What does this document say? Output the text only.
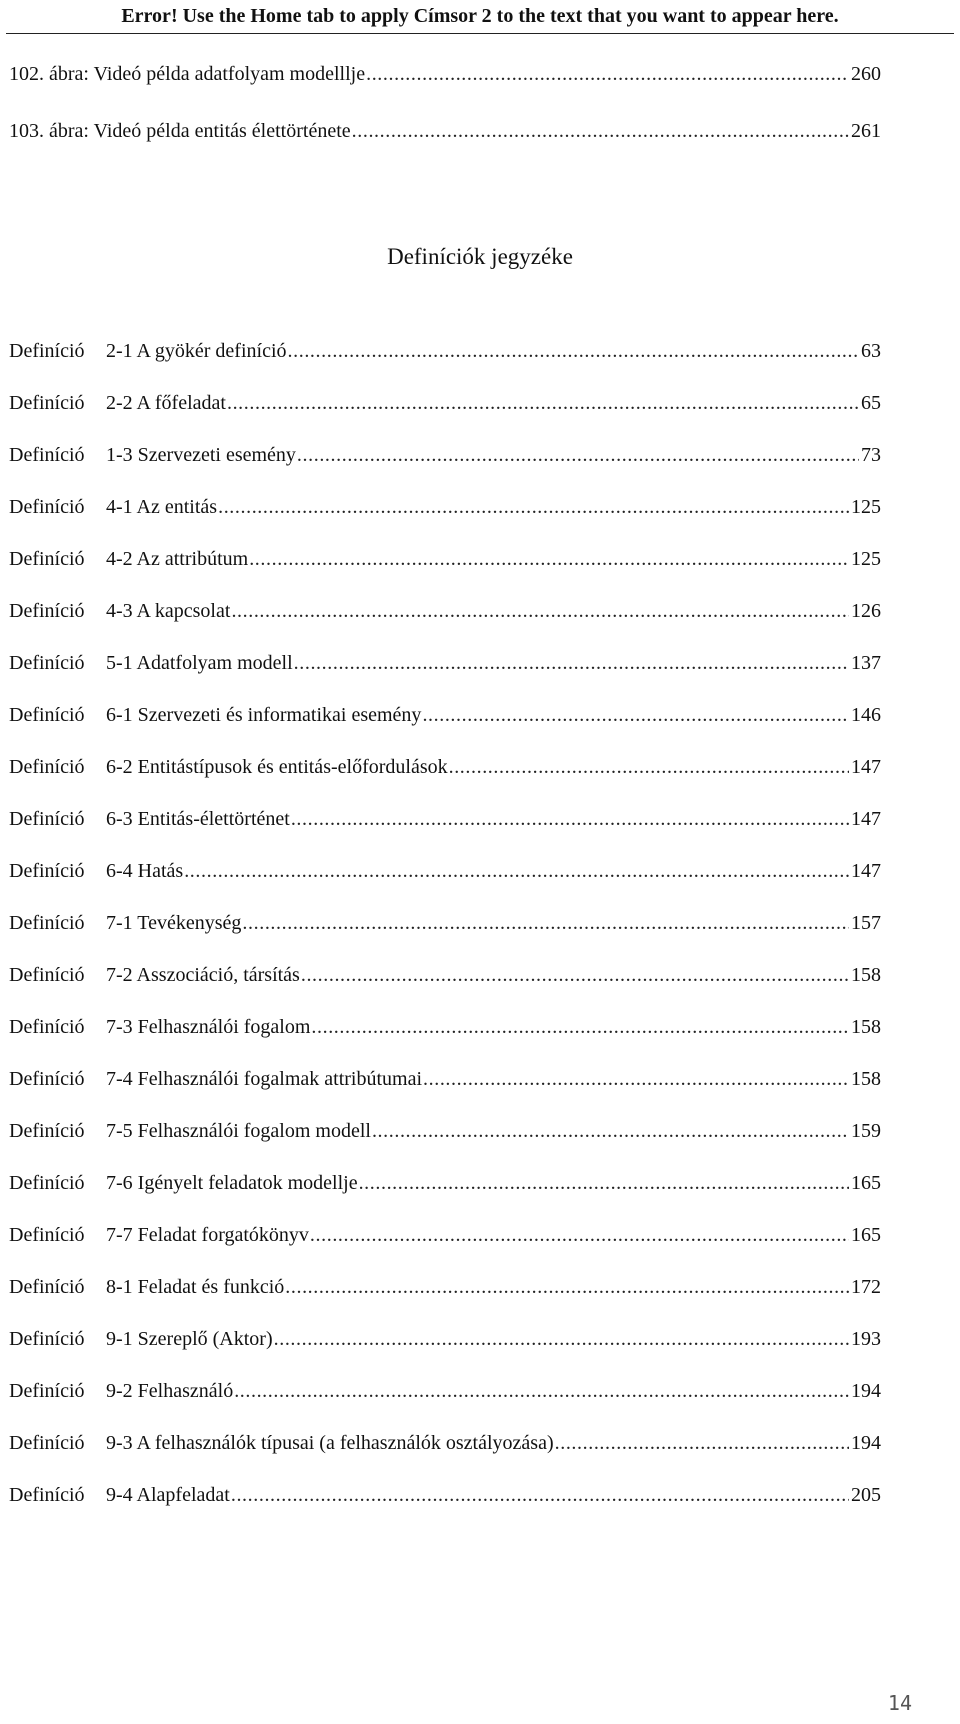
Error! Use the Home tab to apply Címsor 2 to the text that you want to appear here.
102. ábra: Videó példa adatfolyam modelllje .....	260
103. ábra: Videó példa entitás élettörténete .....	261
Definíciók jegyzéke
Definíció 2-1 A gyökér definíció .....	63
Definíció 2-2 A főfeladat .....	65
Definíció 1-3 Szervezeti esemény .....	73
Definíció 4-1 Az entitás .....	125
Definíció 4-2 Az attribútum .....	125
Definíció 4-3 A kapcsolat .....	126
Definíció 5-1 Adatfolyam modell .....	137
Definíció 6-1 Szervezeti és informatikai esemény .....	146
Definíció 6-2 Entitástípusok és entitás-előfordulások .....	147
Definíció 6-3 Entitás-élettörténet .....	147
Definíció 6-4 Hatás .....	147
Definíció 7-1 Tevékenység .....	157
Definíció 7-2 Asszociáció, társítás .....	158
Definíció 7-3 Felhasználói fogalom .....	158
Definíció 7-4 Felhasználói fogalmak attribútumai .....	158
Definíció 7-5 Felhasználói fogalom modell .....	159
Definíció 7-6 Igényelt feladatok modellje .....	165
Definíció 7-7 Feladat forgatókönyv .....	165
Definíció 8-1 Feladat és funkció .....	172
Definíció 9-1 Szereplő (Aktor) .....	193
Definíció 9-2 Felhasználó .....	194
Definíció 9-3 A felhasználók típusai (a felhasználók osztályozása) .....	194
Definíció 9-4 Alapfeladat .....	205
14
